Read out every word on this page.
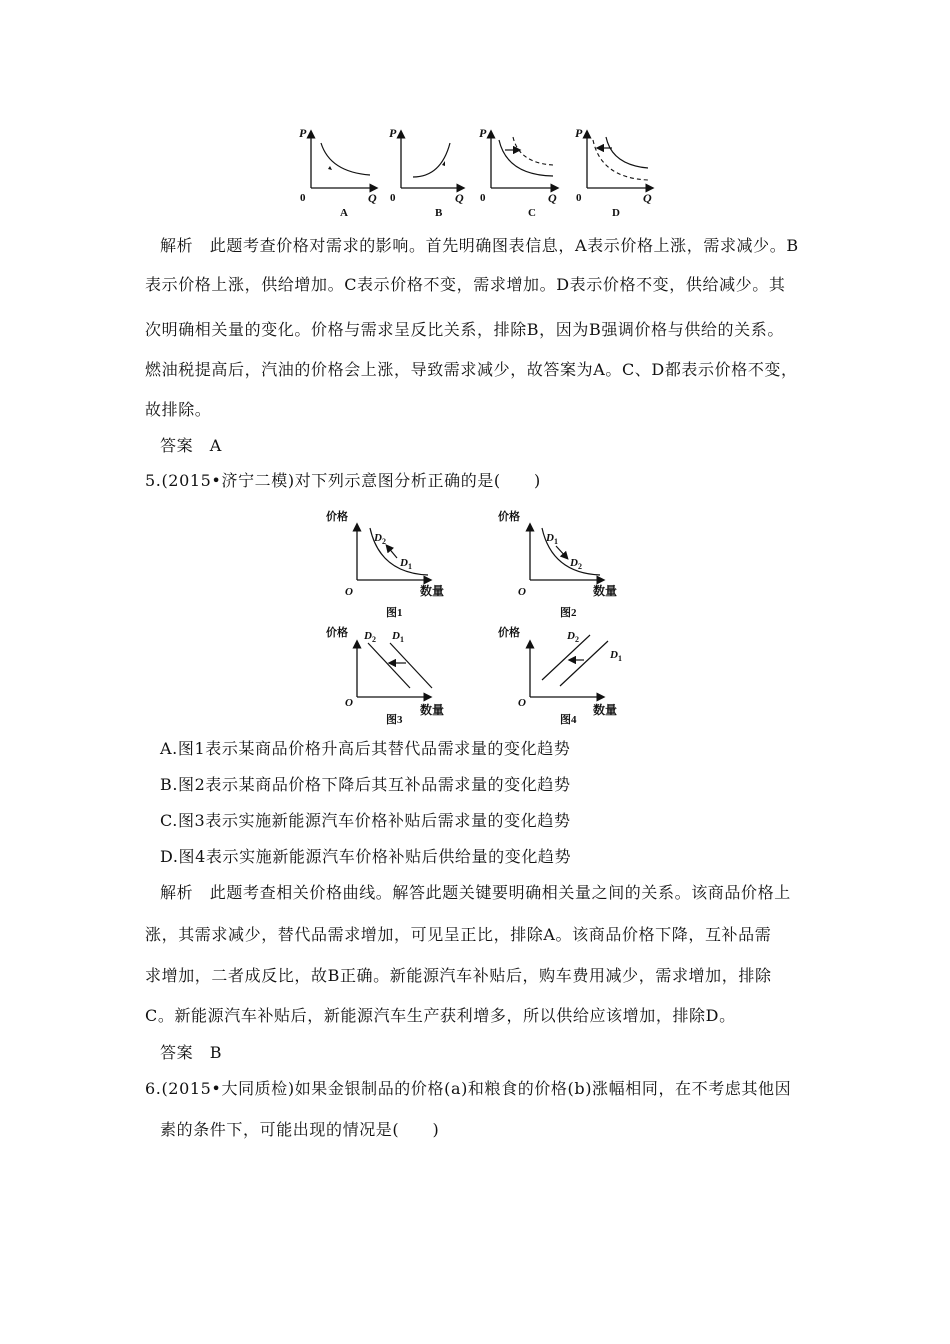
P
Q
0
A
P
Q
0
B
P
Q
0
C
P
Q
0
D
解析　此题考查价格对需求的影响。首先明确图表信息，A表示价格上涨，需求减少。B
表示价格上涨，供给增加。C表示价格不变，需求增加。D表示价格不变，供给减少。其
次明确相关量的变化。价格与需求呈反比关系，排除B，因为B强调价格与供给的关系。
燃油税提高后，汽油的价格会上涨，导致需求减少，故答案为A。C、D都表示价格不变，
故排除。
答案　A
5.(2015•济宁二模)对下列示意图分析正确的是(　　)
价格
数量
O
$D_2$
$D_1$
图1
价格
数量
O
$D_1$
$D_2$
图2
价格
数量
O
$D_2$ $D_1$
图3
价格
数量
O
$D_2$
$D_1$
图4
A.图1表示某商品价格升高后其替代品需求量的变化趋势
B.图2表示某商品价格下降后其互补品需求量的变化趋势
C.图3表示实施新能源汽车价格补贴后需求量的变化趋势
D.图4表示实施新能源汽车价格补贴后供给量的变化趋势
解析　此题考查相关价格曲线。解答此题关键要明确相关量之间的关系。该商品价格上
涨，其需求减少，替代品需求增加，可见呈正比，排除A。该商品价格下降，互补品需
求增加，二者成反比，故B正确。新能源汽车补贴后，购车费用减少，需求增加，排除
C。新能源汽车补贴后，新能源汽车生产获利增多，所以供给应该增加，排除D。
答案　B
6.(2015•大同质检)如果金银制品的价格(a)和粮食的价格(b)涨幅相同，在不考虑其他因
素的条件下，可能出现的情况是(　　)
